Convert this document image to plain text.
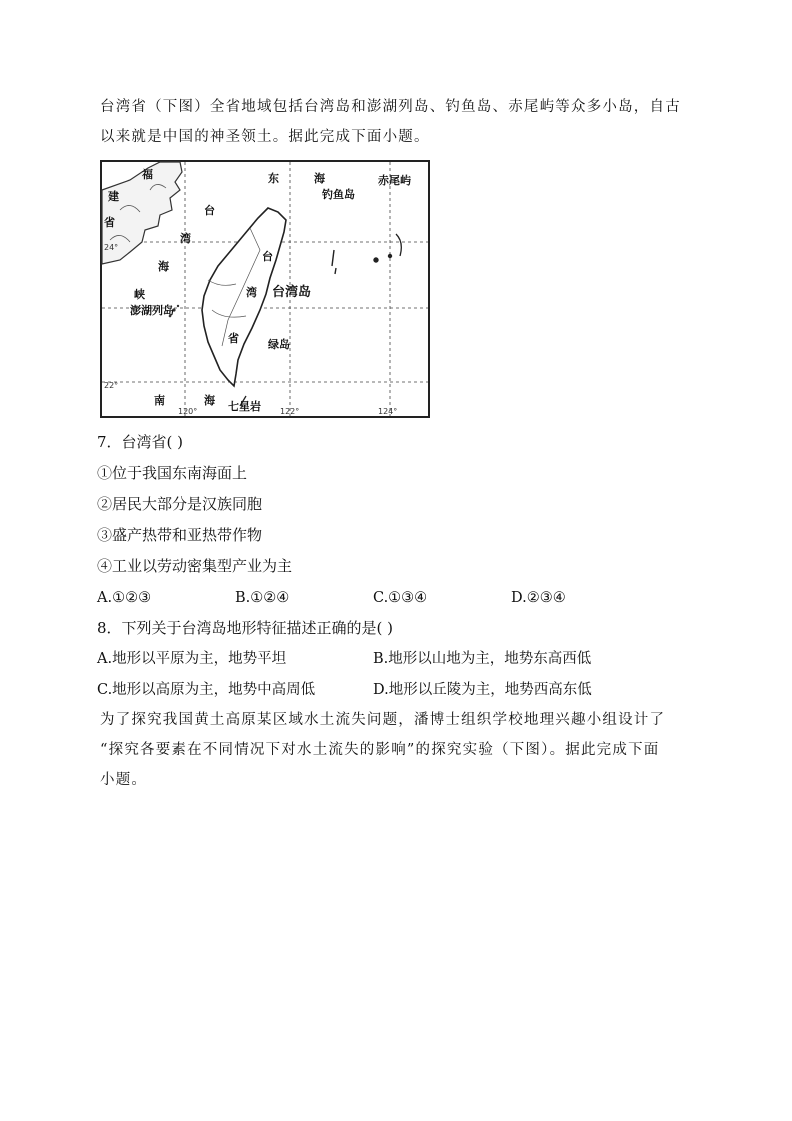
台湾省（下图）全省地域包括台湾岛和澎湖列岛、钓鱼岛、赤尾屿等众多小岛，自古
以来就是中国的神圣领土。据此完成下面小题。
福
建
省
台
湾
海
峡
东	海	赤尾屿
钓鱼岛
台
湾
省
台湾岛
澎湖列岛
绿岛
南	海 七星岩
24°
22°
120°	122°	124°
7．台湾省( )
①位于我国东南海面上
②居民大部分是汉族同胞
③盛产热带和亚热带作物
④工业以劳动密集型产业为主
A.①②③	B.①②④	C.①③④	D.②③④
8．下列关于台湾岛地形特征描述正确的是( )
A.地形以平原为主，地势平坦	B.地形以山地为主，地势东高西低
C.地形以高原为主，地势中高周低	D.地形以丘陵为主，地势西高东低
为了探究我国黄土高原某区域水土流失问题，潘博士组织学校地理兴趣小组设计了
“探究各要素在不同情况下对水土流失的影响”的探究实验（下图）。据此完成下面
小题。
